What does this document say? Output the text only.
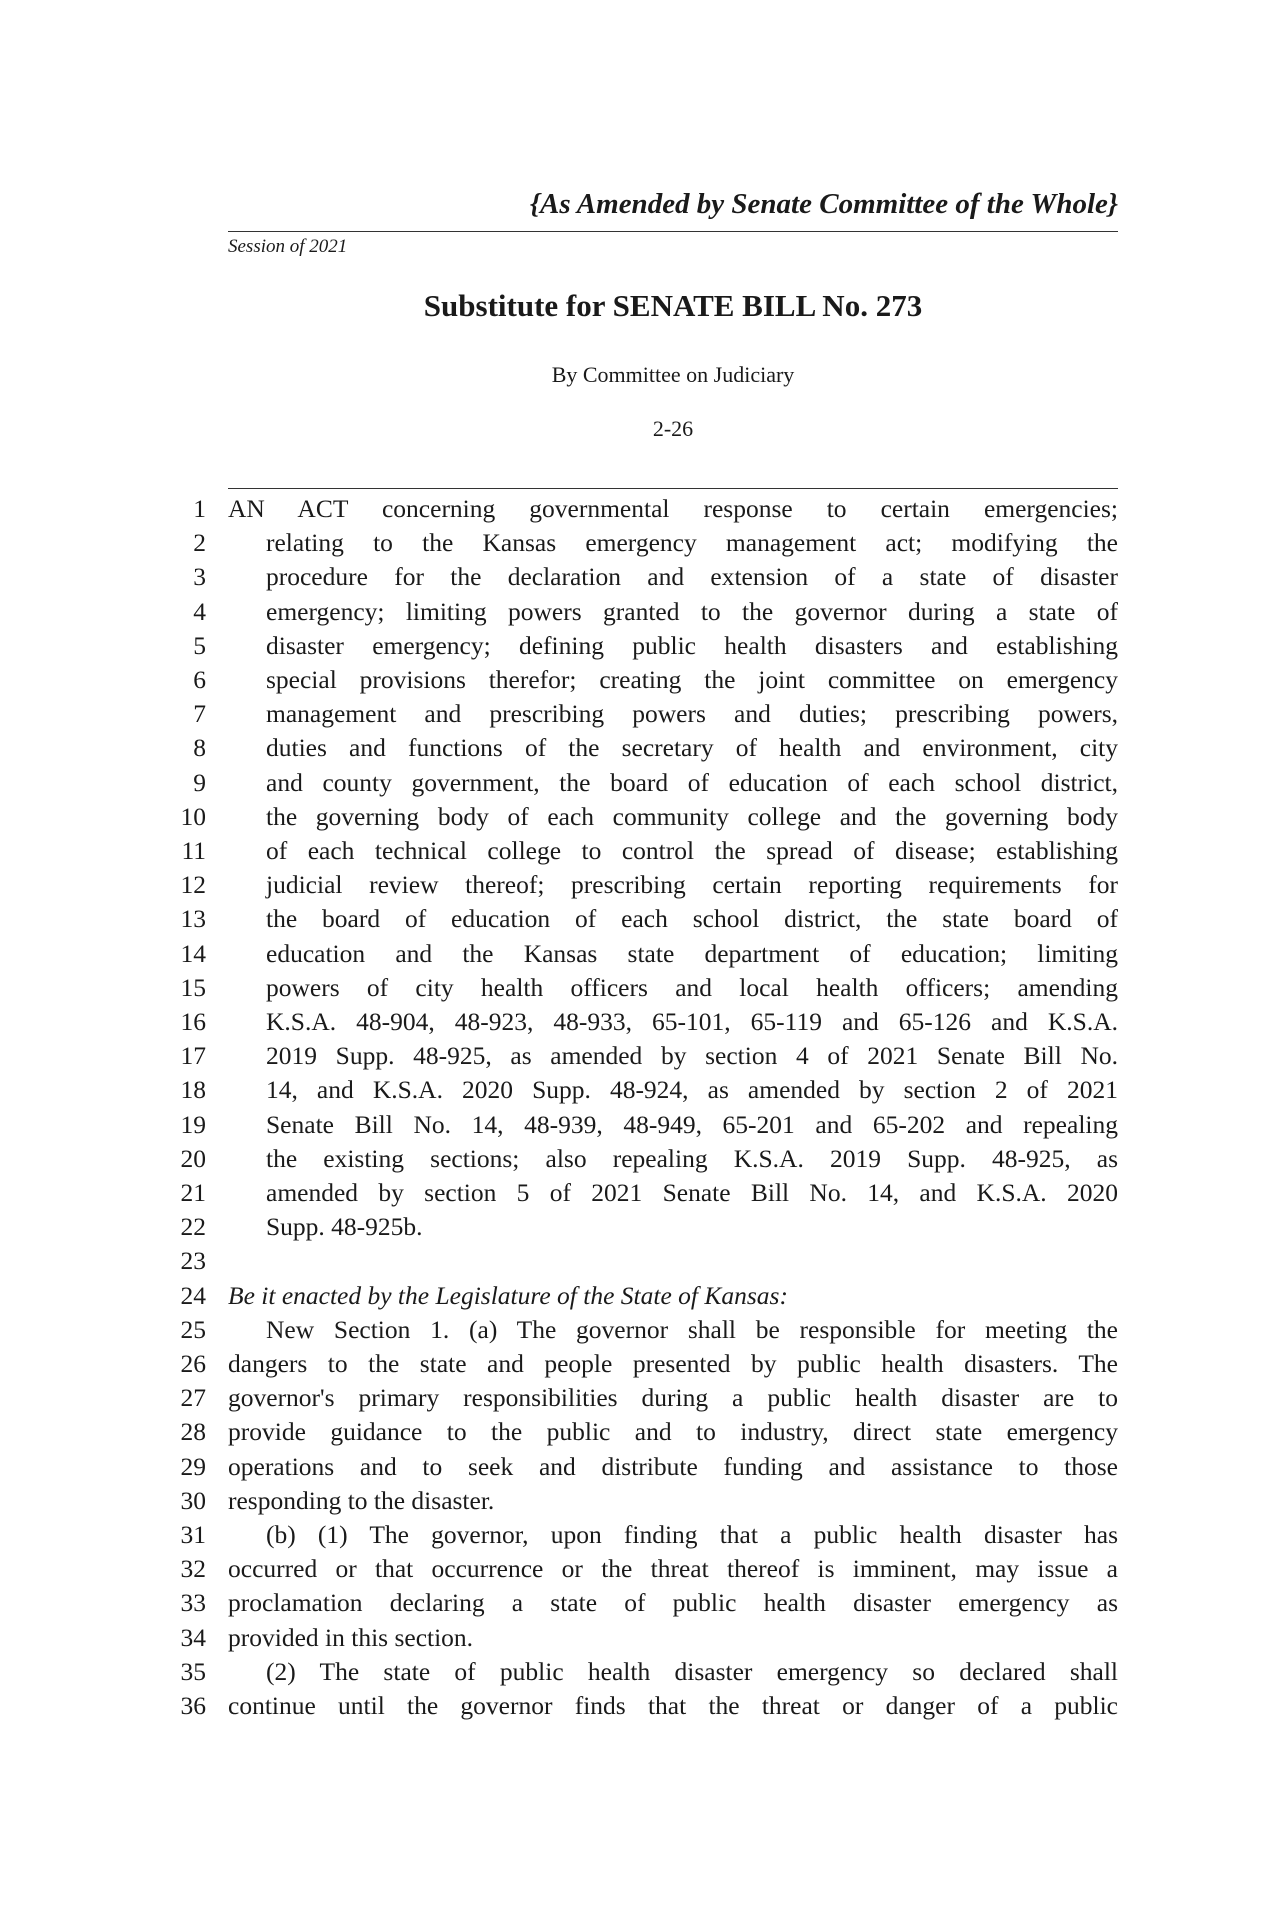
{As Amended by Senate Committee of the Whole}
Session of 2021
Substitute for SENATE BILL No. 273
By Committee on Judiciary
2-26
1 AN ACT concerning governmental response to certain emergencies;
2 relating to the Kansas emergency management act; modifying the
3 procedure for the declaration and extension of a state of disaster
4 emergency; limiting powers granted to the governor during a state of
5 disaster emergency; defining public health disasters and establishing
6 special provisions therefor; creating the joint committee on emergency
7 management and prescribing powers and duties; prescribing powers,
8 duties and functions of the secretary of health and environment, city
9 and county government, the board of education of each school district,
10 the governing body of each community college and the governing body
11 of each technical college to control the spread of disease; establishing
12 judicial review thereof; prescribing certain reporting requirements for
13 the board of education of each school district, the state board of
14 education and the Kansas state department of education; limiting
15 powers of city health officers and local health officers; amending
16 K.S.A. 48-904, 48-923, 48-933, 65-101, 65-119 and 65-126 and K.S.A.
17 2019 Supp. 48-925, as amended by section 4 of 2021 Senate Bill No.
18 14, and K.S.A. 2020 Supp. 48-924, as amended by section 2 of 2021
19 Senate Bill No. 14, 48-939, 48-949, 65-201 and 65-202 and repealing
20 the existing sections; also repealing K.S.A. 2019 Supp. 48-925, as
21 amended by section 5 of 2021 Senate Bill No. 14, and K.S.A. 2020
22 Supp. 48-925b.
23
24 Be it enacted by the Legislature of the State of Kansas:
25 New Section 1. (a) The governor shall be responsible for meeting the
26 dangers to the state and people presented by public health disasters. The
27 governor's primary responsibilities during a public health disaster are to
28 provide guidance to the public and to industry, direct state emergency
29 operations and to seek and distribute funding and assistance to those
30 responding to the disaster.
31 (b) (1) The governor, upon finding that a public health disaster has
32 occurred or that occurrence or the threat thereof is imminent, may issue a
33 proclamation declaring a state of public health disaster emergency as
34 provided in this section.
35 (2) The state of public health disaster emergency so declared shall
36 continue until the governor finds that the threat or danger of a public
